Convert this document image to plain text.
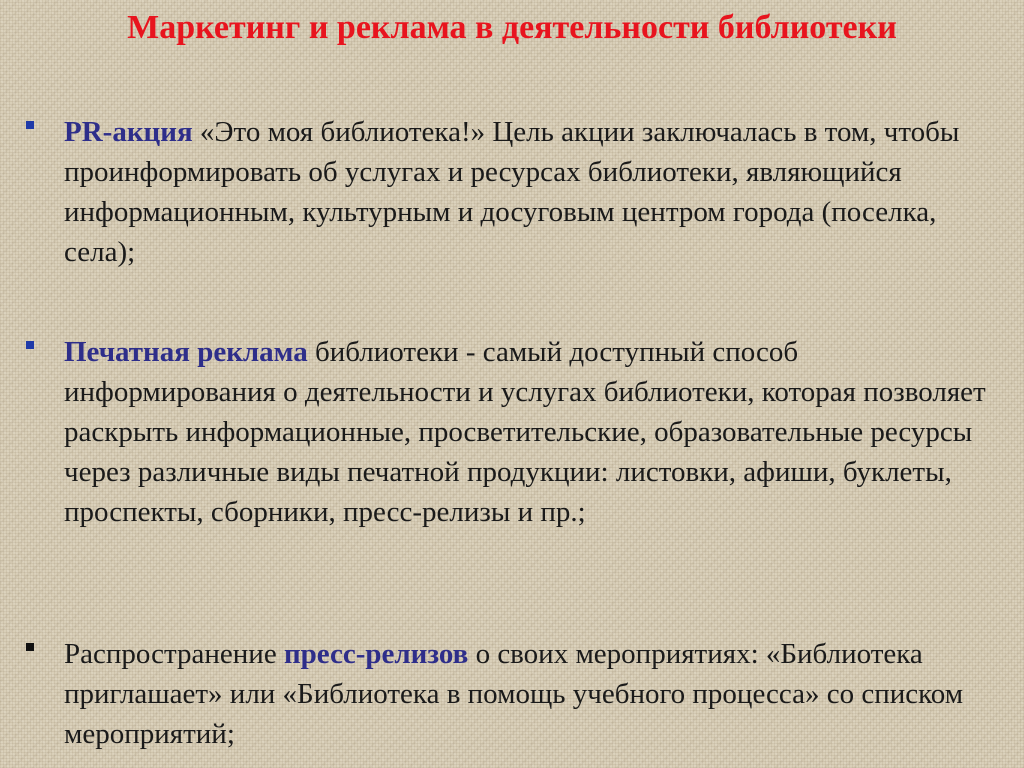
Маркетинг и реклама в деятельности библиотеки

PR-акция «Это моя библиотека!» Цель акции заключалась в том, чтобы проинформировать об услугах и ресурсах библиотеки, являющийся информационным, культурным и досуговым центром города (поселка, села);

Печатная реклама библиотеки - самый доступный способ информирования о деятельности и услугах библиотеки, которая позволяет раскрыть информационные, просветительские, образовательные ресурсы через различные виды печатной продукции: листовки, афиши, буклеты, проспекты, сборники, пресс-релизы и пр.;

Распространение пресс-релизов о своих мероприятиях: «Библиотека приглашает» или «Библиотека в помощь учебного процесса» со списком мероприятий;
